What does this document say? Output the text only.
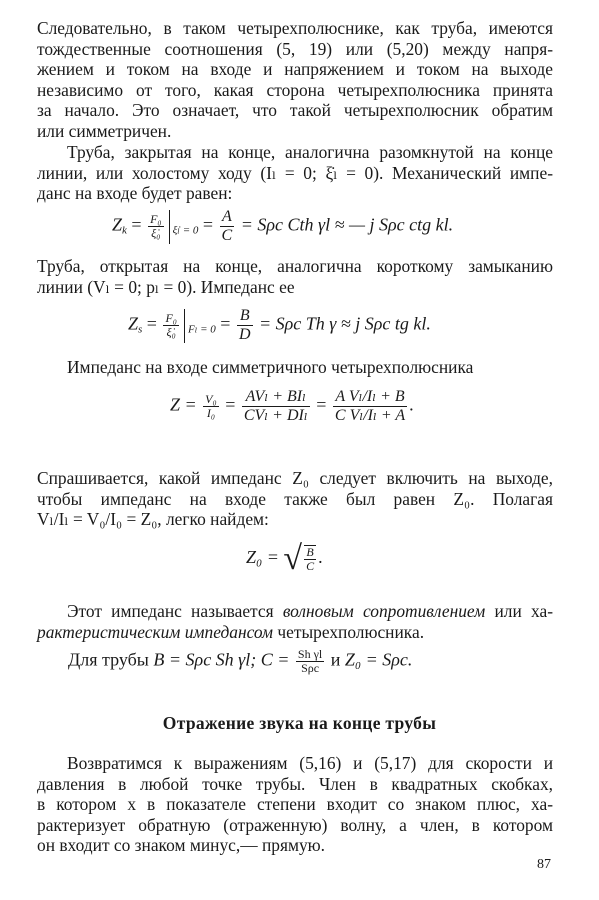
Следовательно, в таком четырехполюснике, как труба, имеются
тождественные соотношения (5, 19) или (5,20) между напря-
жением и током на входе и напряжением и током на выходе
независимо от того, какая сторона четырехполюсника принята
за начало. Это означает, что такой четырехполюсник обратим
или симметричен.
Труба, закрытая на конце, аналогична разомкнутой на конце
линии, или холостому ходу (Iₗ = 0; ξ̇ₗ = 0). Механический импе-
данс на входе будет равен:
$Z_k = \frac{\text{F₀}}{\text{ξ̇₀}} _{\xi̇_l = 0} = \frac{A}{C} = S\rho c$ Cth γl ≈ — j Sρc ctg kl.
Труба, открытая на конце, аналогична короткому замыканию
линии (Vₗ = 0; pₗ = 0). Импеданс ее
$Z_s = \frac{\text{F₀}}{\text{ξ̇₀}} _{F_l = 0} = \frac{B}{D} = S\rho c$ Th γ ≈ j Sρc tg kl.
Импеданс на входе симметричного четырехполюсника
$Z = \frac{\text{V₀}}{\text{I₀}} = \frac{\text{AVₗ + BIₗ}}{\text{CVₗ + DIₗ}} = \frac{\text{A Vₗ/Iₗ + B}}{\text{C Vₗ/Iₗ + A}}$ .
Спрашивается, какой импеданс Z₀ следует включить на выходе,
чтобы импеданс на входе также был равен Z₀. Полагая
Vₗ/Iₗ = V₀/I₀ = Z₀, легко найдем:
Z₀ = √ $\frac{B}{C}$ .
Этот импеданс называется волновым сопротивлением или ха-
рактеристическим импедансом четырехполюсника.
Для трубы B = Sρc Sh γl; $C = \frac{\text{Sh γl}}{\text{Sρc}}$ и Z₀ = Sρc.
Отражение звука на конце трубы
Возвратимся к выражениям (5,16) и (5,17) для скорости и
давления в любой точке трубы. Член в квадратных скобках,
в котором x в показателе степени входит со знаком плюс, ха-
рактеризует обратную (отраженную) волну, а член, в котором
он входит со знаком минус,— прямую.
87
